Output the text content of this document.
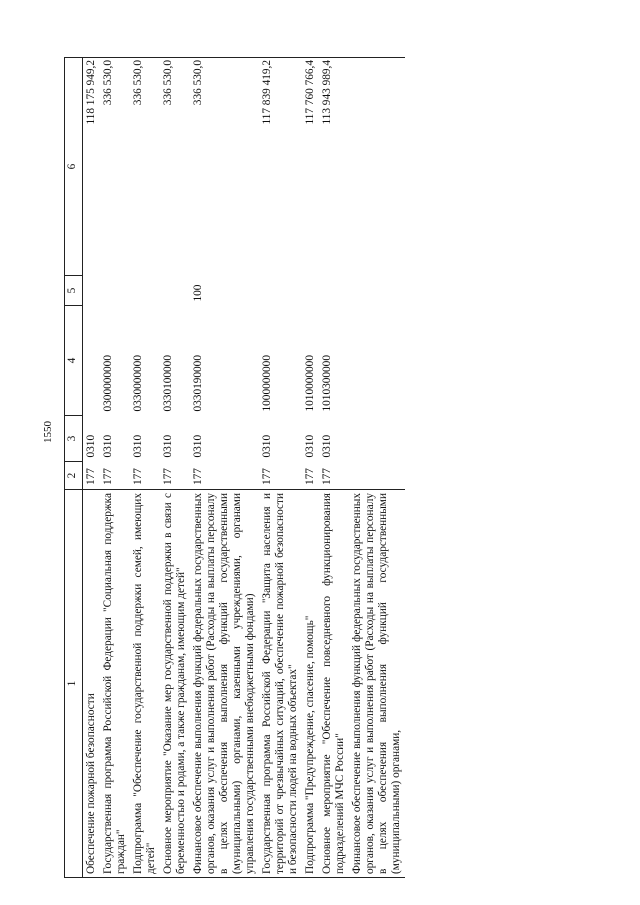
1550
1	2	3	4	5	6
Обеспечение пожарной безопасности	177	0310			118 175 949,2
Государственная программа Российской Федерации "Социальная поддержка граждан"	177	0310	0300000000		336 530,0
Подпрограмма "Обеспечение государственной поддержки семей, имеющих детей"	177	0310	0330000000		336 530,0
Основное мероприятие "Оказание мер государственной поддержки в связи с беременностью и родами, а также гражданам, имеющим детей"	177	0310	0330100000		336 530,0
Финансовое обеспечение выполнения функций федеральных государственных органов, оказания услуг и выполнения работ (Расходы на выплаты персоналу в целях обеспечения выполнения функций государственными (муниципальными) органами, казенными учреждениями, органами управления государственными внебюджетными фондами)	177	0310	0330190000	100	336 530,0
Государственная программа Российской Федерации "Защита населения и территорий от чрезвычайных ситуаций, обеспечение пожарной безопасности и безопасности людей на водных объектах"	177	0310	1000000000		117 839 419,2
Подпрограмма "Предупреждение, спасение, помощь"	177	0310	1010000000		117 760 766,4
Основное мероприятие "Обеспечение повседневного функционирования подразделений МЧС России"	177	0310	1010300000		113 943 989,4
Финансовое обеспечение выполнения функций федеральных государственных органов, оказания услуг и выполнения работ (Расходы на выплаты персоналу в целях обеспечения выполнения функций государственными (муниципальными) органами,					
